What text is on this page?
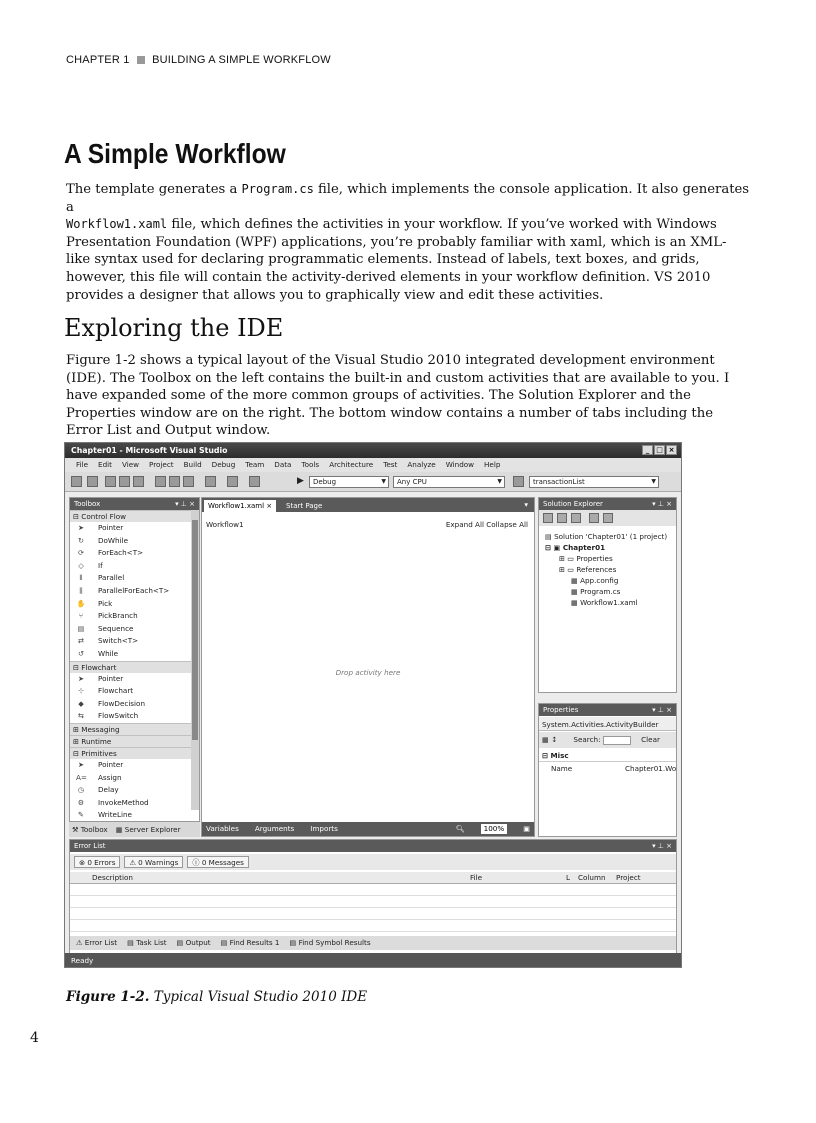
CHAPTER 1 BUILDING A SIMPLE WORKFLOW
A Simple Workflow

The template generates a Program.cs file, which implements the console application. It also generates a
Workflow1.xaml file, which defines the activities in your workflow. If you’ve worked with Windows Presentation Foundation (WPF) applications, you’re probably familiar with xaml, which is an XML-like syntax used for declaring programmatic elements. Instead of labels, text boxes, and grids, however, this file will contain the activity-derived elements in your workflow definition. VS 2010 provides a designer that allows you to graphically view and edit these activities.

Exploring the IDE

Figure 1-2 shows a typical layout of the Visual Studio 2010 integrated development environment (IDE). The Toolbox on the left contains the built-in and custom activities that are available to you. I have expanded some of the more common groups of activities. The Solution Explorer and the Properties window are on the right. The bottom window contains a number of tabs including the Error List and Output window.

Chapter01 - Microsoft Visual Studio	_ □ ×
File	Edit	View	Project	Build	Debug	Team	Data	Tools	Architecture	Test	Analyze	Window	Help
▶	Debug	▼	Any CPU	▼	transactionList	▼
Toolbox	▾ ⊥ ×
⊟ Control Flow
➤ Pointer
↻ DoWhile
⟳ ForEach<T>
◇ If
⫴ Parallel
⫼ ParallelForEach<T>
✋ Pick
⑂ PickBranch
▤ Sequence
⇄ Switch<T>
↺ While
⊟ Flowchart
➤ Pointer
⊹ Flowchart
◆ FlowDecision
⇆ FlowSwitch
⊞ Messaging
⊞ Runtime
⊟ Primitives
➤ Pointer
A= Assign
◷ Delay
⚙ InvokeMethod
✎ WriteLine
⚒ Toolbox ▦ Server Explorer
Workflow1.xaml ×	Start Page	▾
Workflow1	Expand All Collapse All
Drop activity here
Variables Arguments Imports	🔍︎	100%	▣
Solution Explorer	▾ ⊥ ×
▤ Solution 'Chapter01' (1 project)
⊟ ▣ Chapter01
⊞ ▭ Properties
⊞ ▭ References
▦ App.config
▦ Program.cs
▦ Workflow1.xaml
Properties	▾ ⊥ ×
System.Activities.ActivityBuilder
▦ ↕ Search:	Clear
⊟ Misc
Name	Chapter01.Wo
Error List	▾ ⊥ ×
⊗ 0 Errors	⚠ 0 Warnings	ⓘ 0 Messages
Description	File	L Column Project
⚠ Error List ▤ Task List ▤ Output ▤ Find Results 1 ▤ Find Symbol Results
Ready
Figure 1-2. Typical Visual Studio 2010 IDE
4
